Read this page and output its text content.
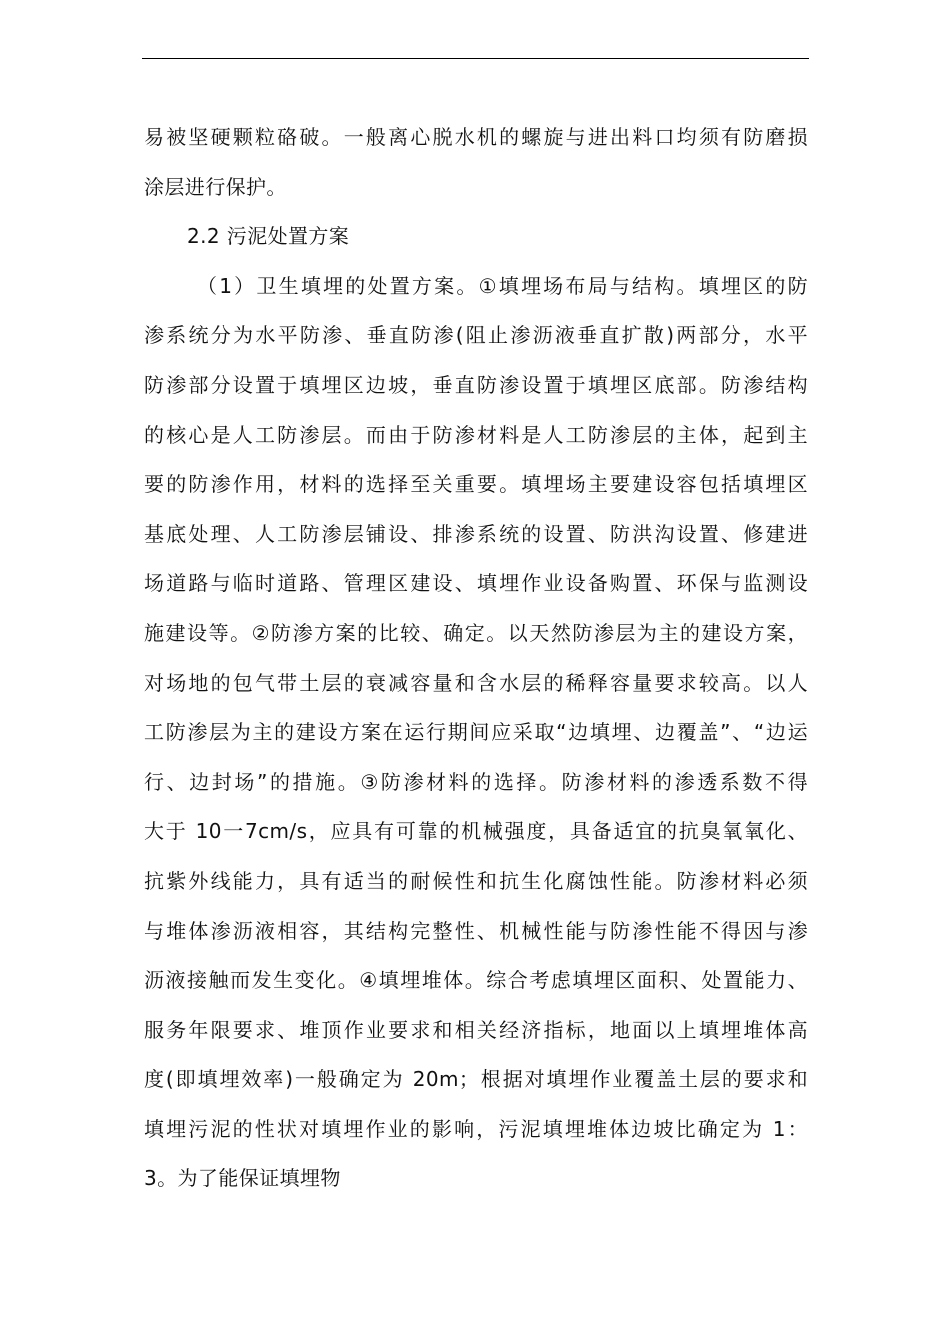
易被坚硬颗粒硌破。一般离心脱水机的螺旋与进出料口均须有防磨损
涂层进行保护。
2.2 污泥处置方案
（1）卫生填埋的处置方案。①填埋场布局与结构。填埋区的防
渗系统分为水平防渗、垂直防渗(阻止渗沥液垂直扩散)两部分，水平
防渗部分设置于填埋区边坡，垂直防渗设置于填埋区底部。防渗结构
的核心是人工防渗层。而由于防渗材料是人工防渗层的主体，起到主
要的防渗作用，材料的选择至关重要。填埋场主要建设容包括填埋区
基底处理、人工防渗层铺设、排渗系统的设置、防洪沟设置、修建进
场道路与临时道路、管理区建设、填埋作业设备购置、环保与监测设
施建设等。②防渗方案的比较、确定。以天然防渗层为主的建设方案，
对场地的包气带土层的衰减容量和含水层的稀释容量要求较高。以人
工防渗层为主的建设方案在运行期间应采取“边填埋、边覆盖”、“边运
行、边封场”的措施。③防渗材料的选择。防渗材料的渗透系数不得
大于 10一7cm/s，应具有可靠的机械强度，具备适宜的抗臭氧氧化、
抗紫外线能力，具有适当的耐候性和抗生化腐蚀性能。防渗材料必须
与堆体渗沥液相容，其结构完整性、机械性能与防渗性能不得因与渗
沥液接触而发生变化。④填埋堆体。综合考虑填埋区面积、处置能力、
服务年限要求、堆顶作业要求和相关经济指标，地面以上填埋堆体高
度(即填埋效率)一般确定为 20m；根据对填埋作业覆盖土层的要求和
填埋污泥的性状对填埋作业的影响，污泥填埋堆体边坡比确定为 1：
3。为了能保证填埋物
